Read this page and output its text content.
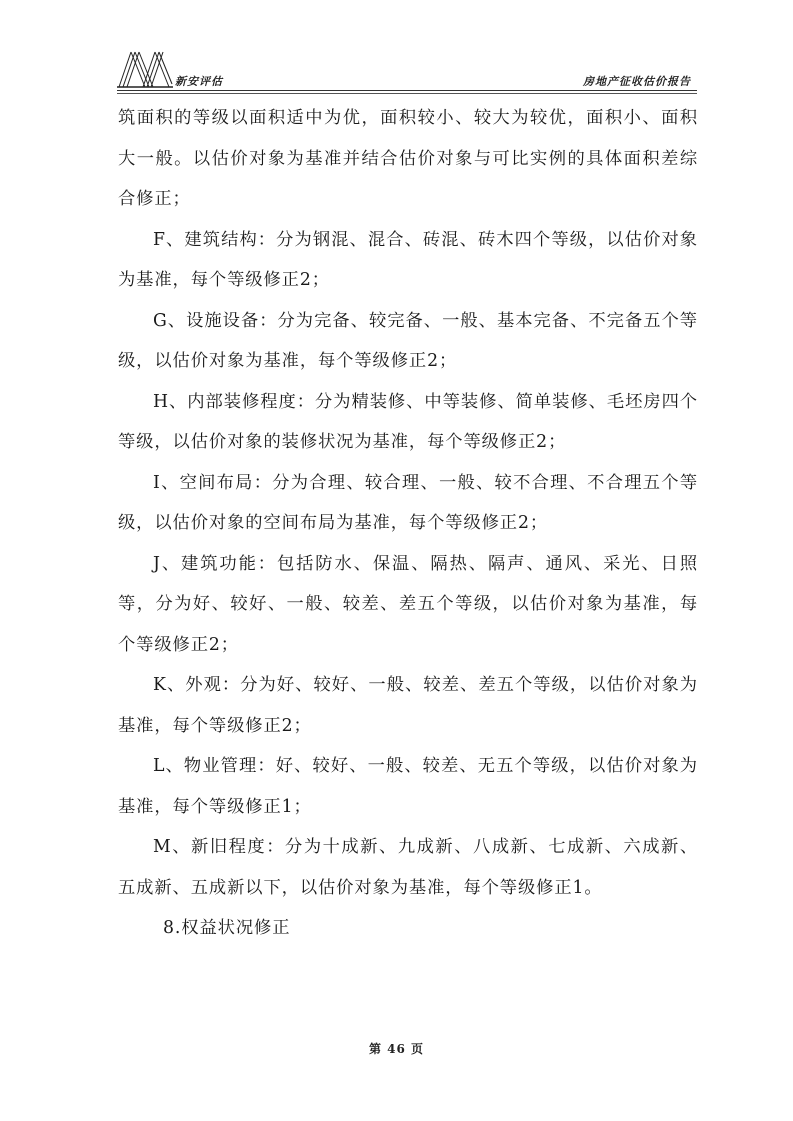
新安评估	房地产征收估价报告

筑面积的等级以面积适中为优，面积较小、较大为较优，面积小、面积大一般。以估价对象为基准并结合估价对象与可比实例的具体面积差综合修正；

F、建筑结构：分为钢混、混合、砖混、砖木四个等级，以估价对象为基准，每个等级修正2；

G、设施设备：分为完备、较完备、一般、基本完备、不完备五个等级，以估价对象为基准，每个等级修正2；

H、内部装修程度：分为精装修、中等装修、简单装修、毛坯房四个等级，以估价对象的装修状况为基准，每个等级修正2；

I、空间布局：分为合理、较合理、一般、较不合理、不合理五个等级，以估价对象的空间布局为基准，每个等级修正2；

J、建筑功能：包括防水、保温、隔热、隔声、通风、采光、日照等，分为好、较好、一般、较差、差五个等级，以估价对象为基准，每个等级修正2；

K、外观：分为好、较好、一般、较差、差五个等级，以估价对象为基准，每个等级修正2；

L、物业管理：好、较好、一般、较差、无五个等级，以估价对象为基准，每个等级修正1；

M、新旧程度：分为十成新、九成新、八成新、七成新、六成新、五成新、五成新以下，以估价对象为基准，每个等级修正1。

8.权益状况修正

第 46 页
